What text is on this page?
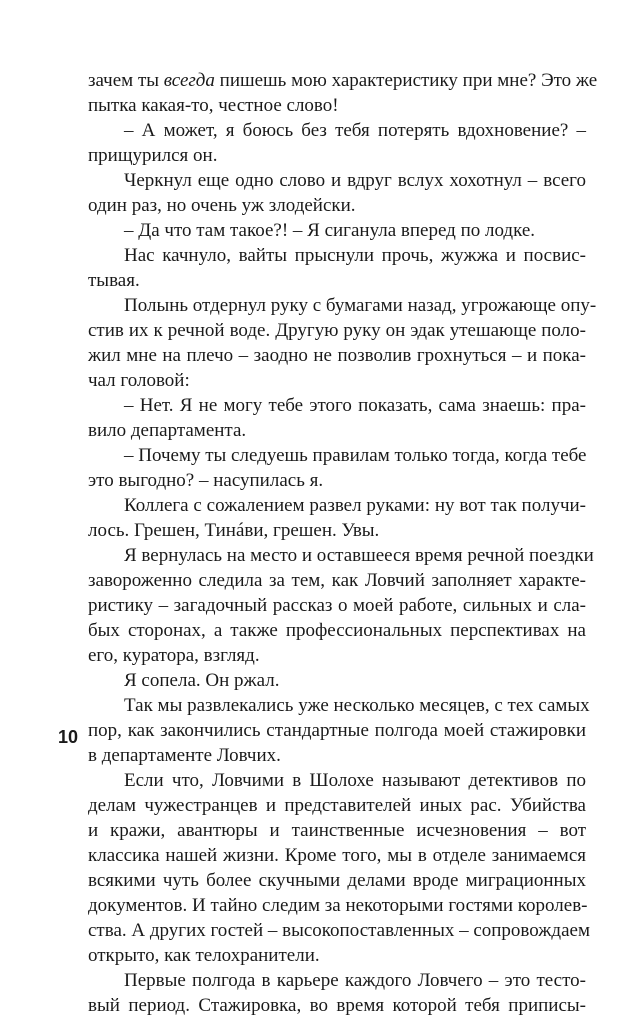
зачем ты всегда пишешь мою характеристику при мне? Это же
пытка какая-то, честное слово!
– А может, я боюсь без тебя потерять вдохновение? –
прищурился он.
Черкнул еще одно слово и вдруг вслух хохотнул – всего
один раз, но очень уж злодейски.
– Да что там такое?! – Я сиганула вперед по лодке.
Нас качнуло, вайты прыснули прочь, жужжа и посвис-
тывая.
Полынь отдернул руку с бумагами назад, угрожающе опу-
стив их к речной воде. Другую руку он эдак утешающе поло-
жил мне на плечо – заодно не позволив грохнуться – и пока-
чал головой:
– Нет. Я не могу тебе этого показать, сама знаешь: пра-
вило департамента.
– Почему ты следуешь правилам только тогда, когда тебе
это выгодно? – насупилась я.
Коллега с сожалением развел руками: ну вот так получи-
лось. Грешен, Тинáви, грешен. Увы.
Я вернулась на место и оставшееся время речной поездки
завороженно следила за тем, как Ловчий заполняет характе-
ристику – загадочный рассказ о моей работе, сильных и сла-
бых сторонах, а также профессиональных перспективах на
его, куратора, взгляд.
Я сопела. Он ржал.
Так мы развлекались уже несколько месяцев, с тех самых
пор, как закончились стандартные полгода моей стажировки
в департаменте Ловчих.
Если что, Ловчими в Шолохе называют детективов по
делам чужестранцев и представителей иных рас. Убийства
и кражи, авантюры и таинственные исчезновения – вот
классика нашей жизни. Кроме того, мы в отделе занимаемся
всякими чуть более скучными делами вроде миграционных
документов. И тайно следим за некоторыми гостями королев-
ства. А других гостей – высокопоставленных – сопровождаем
открыто, как телохранители.
Первые полгода в карьере каждого Ловчего – это тесто-
вый период. Стажировка, во время которой тебя приписы-
10
